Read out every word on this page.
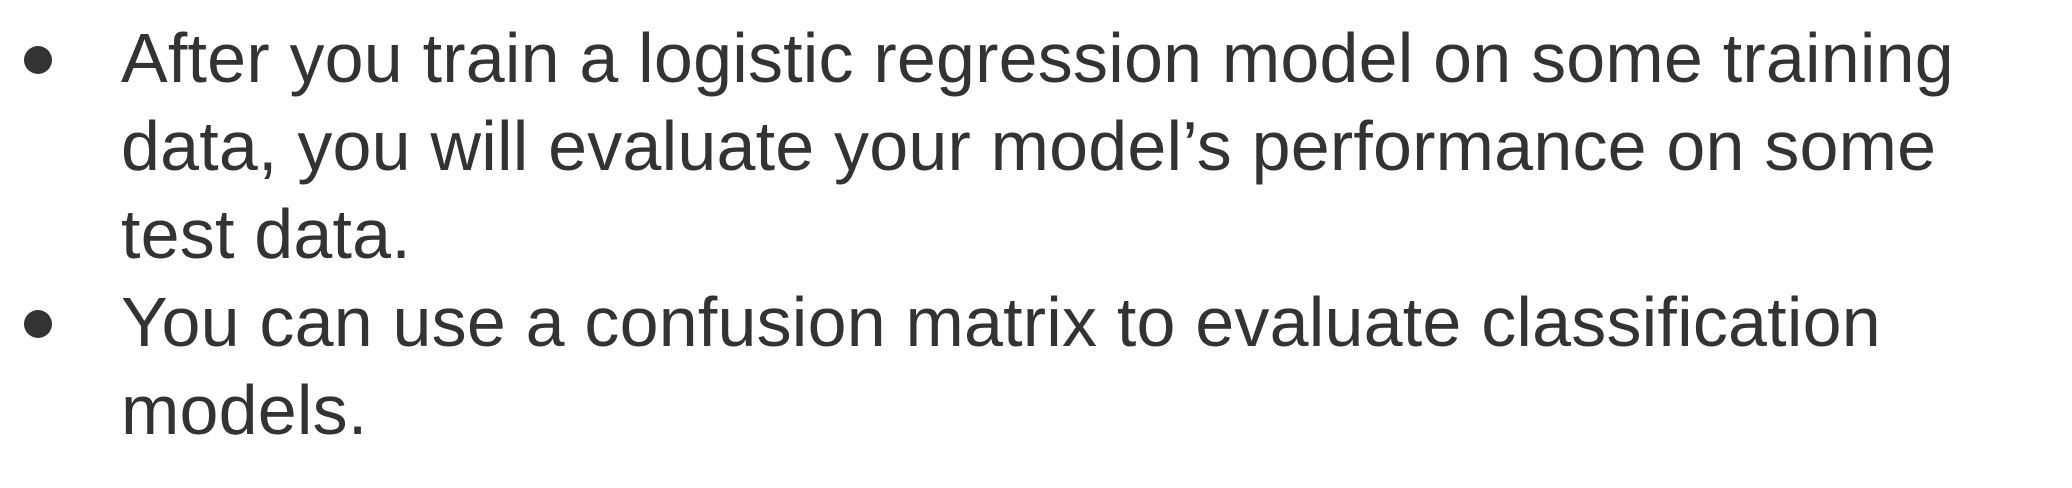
After you train a logistic regression model on some training
data, you will evaluate your model’s performance on some
test data.
You can use a confusion matrix to evaluate classification
models.
